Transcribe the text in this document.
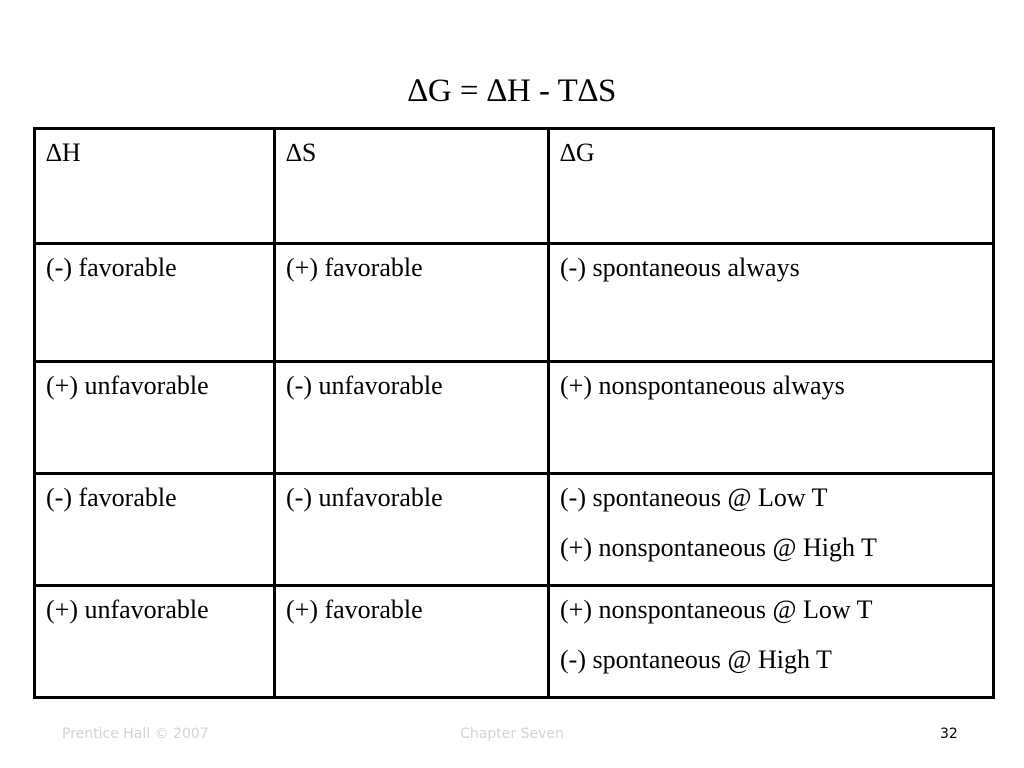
∆G = ∆H - T∆S
∆H	∆S	∆G

(-) favorable	(+) favorable	(-) spontaneous always

(+) unfavorable	(-) unfavorable	(+) nonspontaneous always

(-) favorable	(-) unfavorable	(-) spontaneous @ Low T
(+) nonspontaneous @ High T

(+) unfavorable	(+) favorable	(+) nonspontaneous @ Low T
(-) spontaneous @ High T
Prentice Hall © 2007	Chapter Seven	32
